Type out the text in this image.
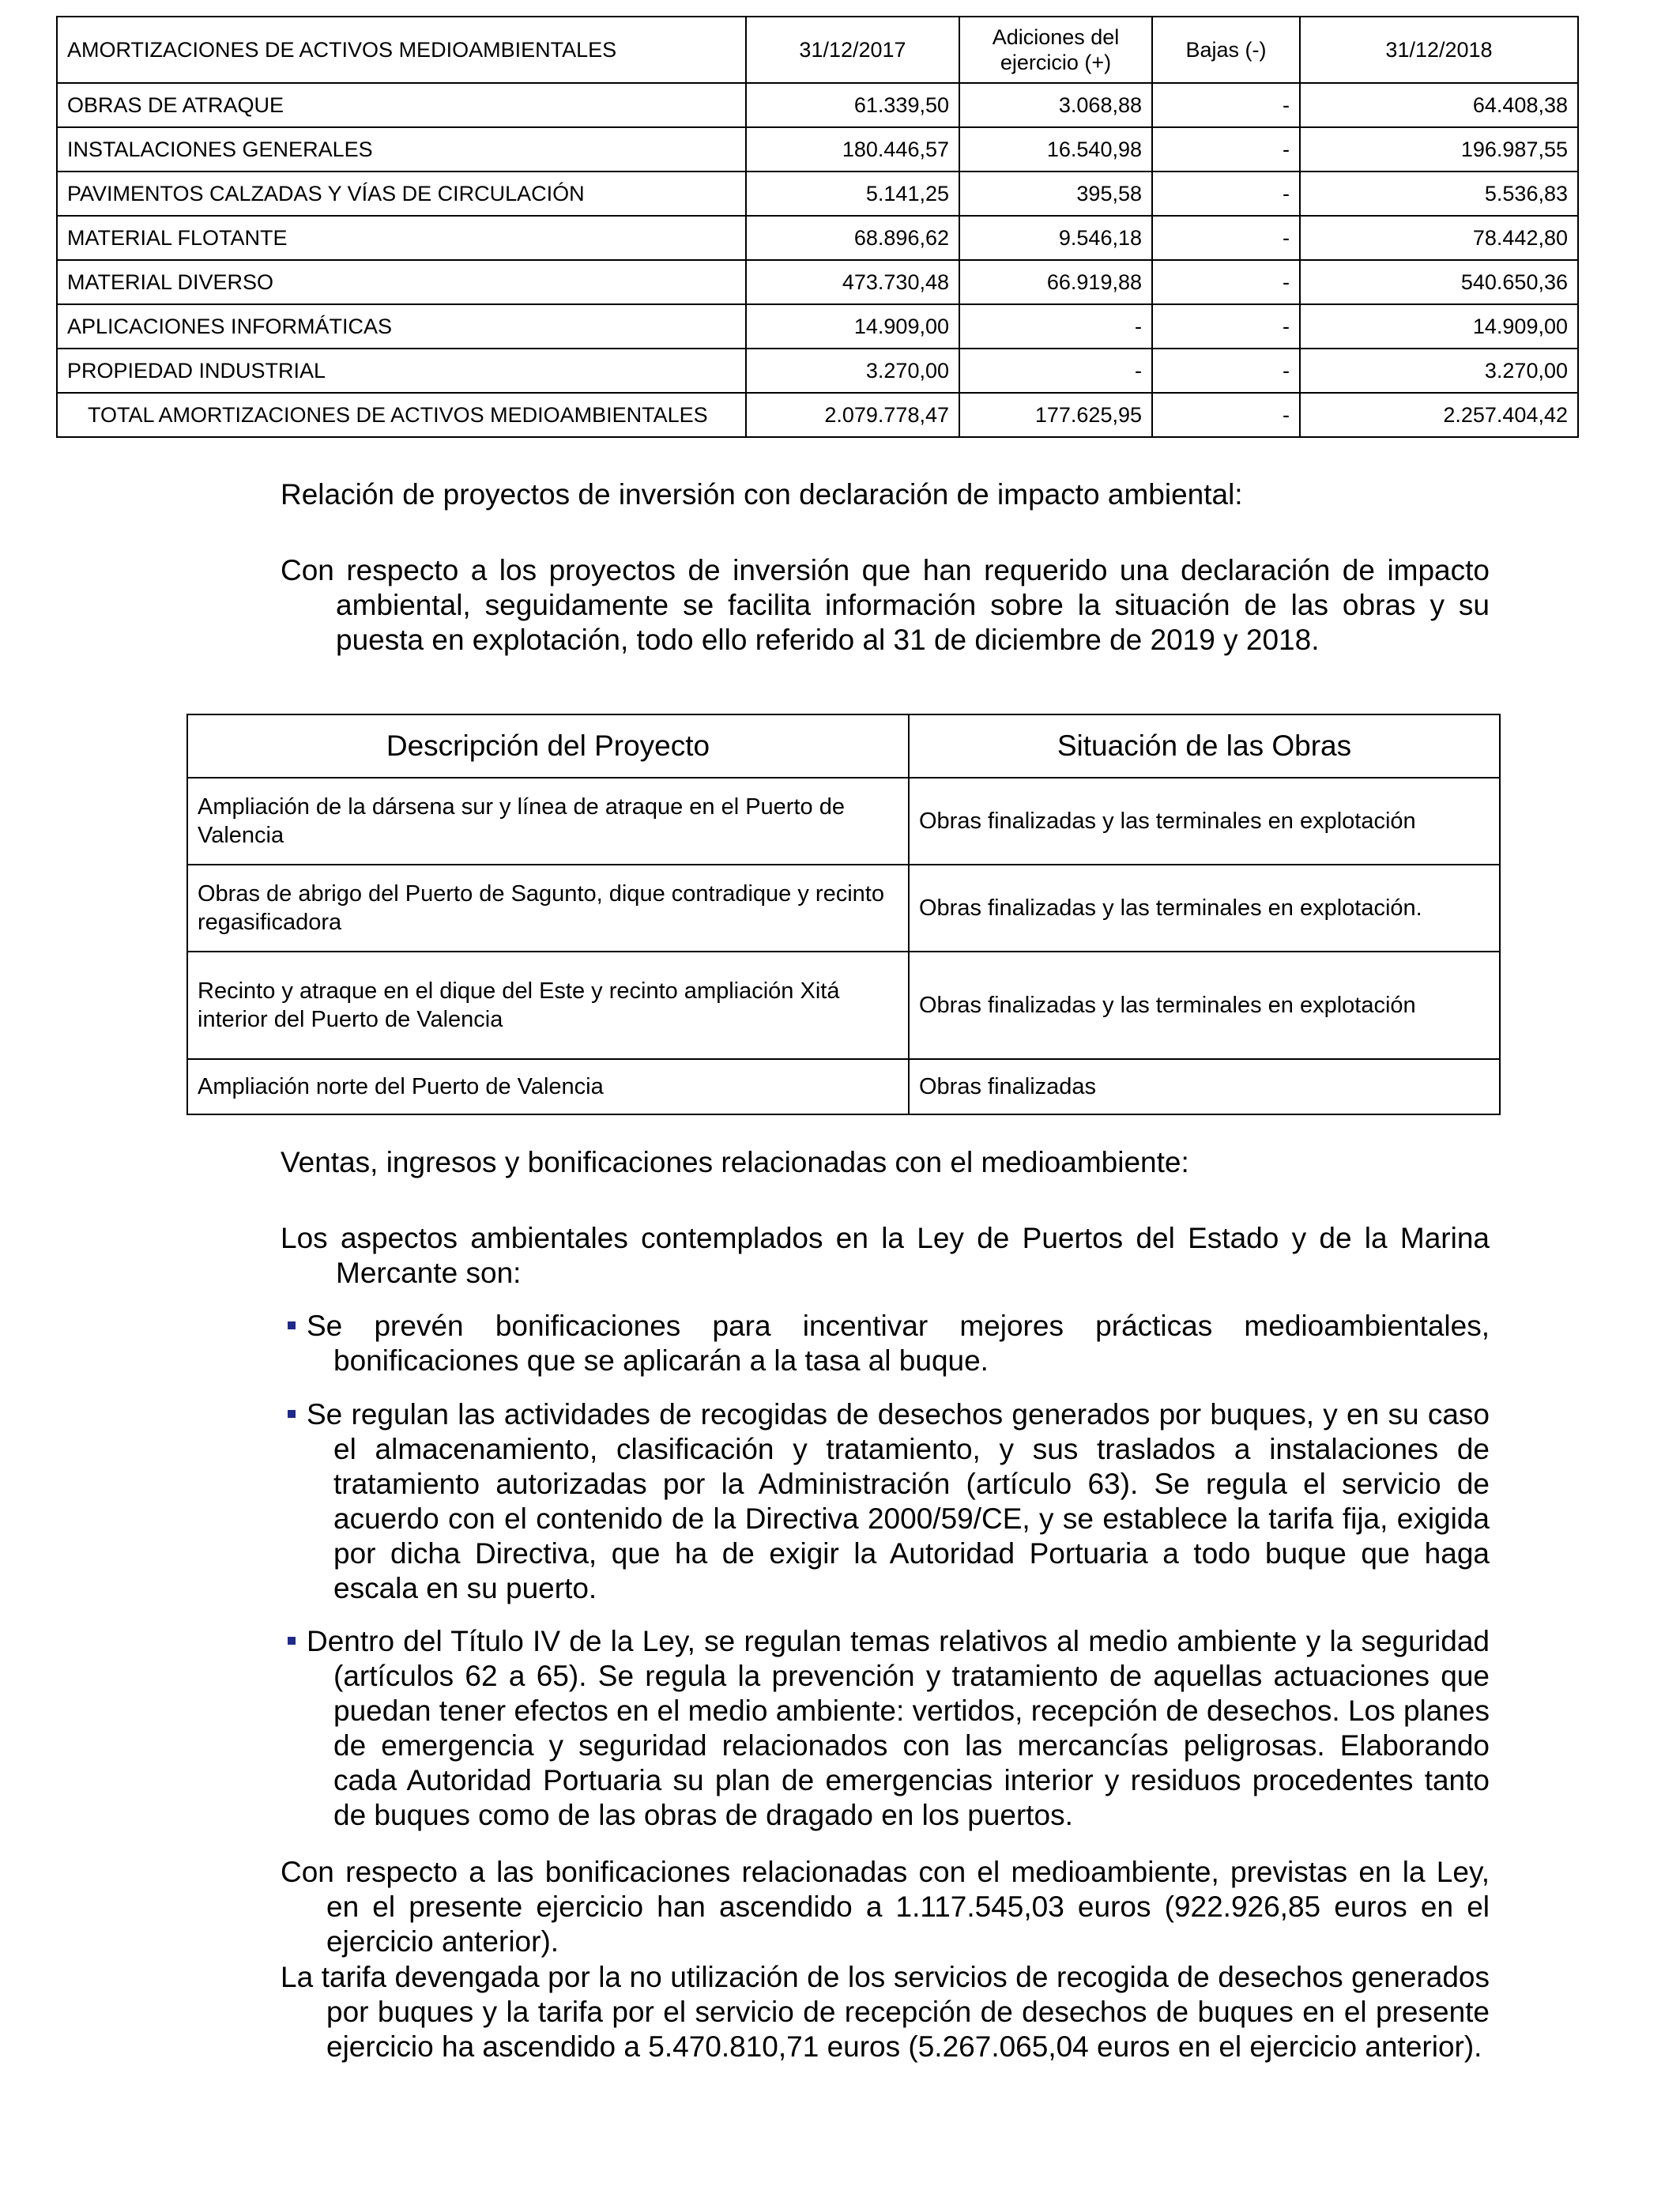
AMORTIZACIONES DE ACTIVOS MEDIOAMBIENTALES	31/12/2017	Adiciones del ejercicio (+)	Bajas (-)	31/12/2018
OBRAS DE ATRAQUE	61.339,50	3.068,88	-	64.408,38
INSTALACIONES GENERALES	180.446,57	16.540,98	-	196.987,55
PAVIMENTOS CALZADAS Y VÍAS DE CIRCULACIÓN	5.141,25	395,58	-	5.536,83
MATERIAL FLOTANTE	68.896,62	9.546,18	-	78.442,80
MATERIAL DIVERSO	473.730,48	66.919,88	-	540.650,36
APLICACIONES INFORMÁTICAS	14.909,00	-	-	14.909,00
PROPIEDAD INDUSTRIAL	3.270,00	-	-	3.270,00
TOTAL AMORTIZACIONES DE ACTIVOS MEDIOAMBIENTALES	2.079.778,47	177.625,95	-	2.257.404,42

Relación de proyectos de inversión con declaración de impacto ambiental:

Con respecto a los proyectos de inversión que han requerido una declaración de impacto ambiental, seguidamente se facilita información sobre la situación de las obras y su puesta en explotación, todo ello referido al 31 de diciembre de 2019 y 2018.

Descripción del Proyecto	Situación de las Obras
Ampliación de la dársena sur y línea de atraque en el Puerto de Valencia	Obras finalizadas y las terminales en explotación
Obras de abrigo del Puerto de Sagunto, dique contradique y recinto regasificadora	Obras finalizadas y las terminales en explotación.
Recinto y atraque en el dique del Este y recinto ampliación Xitá interior del Puerto de Valencia	Obras finalizadas y las terminales en explotación
Ampliación norte del Puerto de Valencia	Obras finalizadas

Ventas, ingresos y bonificaciones relacionadas con el medioambiente:

Los aspectos ambientales contemplados en la Ley de Puertos del Estado y de la Marina Mercante son:

Se prevén bonificaciones para incentivar mejores prácticas medioambientales, bonificaciones que se aplicarán a la tasa al buque.
Se regulan las actividades de recogidas de desechos generados por buques, y en su caso el almacenamiento, clasificación y tratamiento, y sus traslados a instalaciones de tratamiento autorizadas por la Administración (artículo 63). Se regula el servicio de acuerdo con el contenido de la Directiva 2000/59/CE, y se establece la tarifa fija, exigida por dicha Directiva, que ha de exigir la Autoridad Portuaria a todo buque que haga escala en su puerto.
Dentro del Título IV de la Ley, se regulan temas relativos al medio ambiente y la seguridad (artículos 62 a 65). Se regula la prevención y tratamiento de aquellas actuaciones que puedan tener efectos en el medio ambiente: vertidos, recepción de desechos. Los planes de emergencia y seguridad relacionados con las mercancías peligrosas. Elaborando cada Autoridad Portuaria su plan de emergencias interior y residuos procedentes tanto de buques como de las obras de dragado en los puertos.

Con respecto a las bonificaciones relacionadas con el medioambiente, previstas en la Ley, en el presente ejercicio han ascendido a 1.117.545,03 euros (922.926,85 euros en el ejercicio anterior).

La tarifa devengada por la no utilización de los servicios de recogida de desechos generados por buques y la tarifa por el servicio de recepción de desechos de buques en el presente ejercicio ha ascendido a 5.470.810,71 euros (5.267.065,04 euros en el ejercicio anterior).
